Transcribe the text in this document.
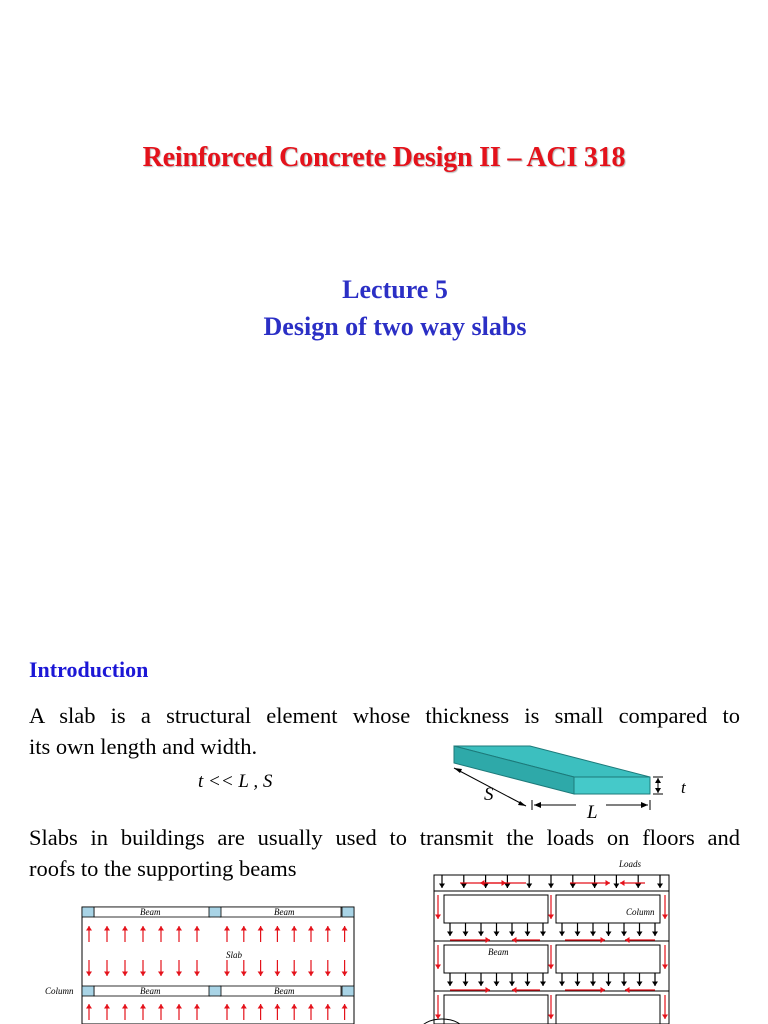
Reinforced Concrete Design II – ACI 318
Lecture 5
Design of two way slabs
Introduction
A slab is a structural element whose thickness is small compared to
its own length and width.
t << L , S
Slabs in buildings are usually used to transmit the loads on floors and
roofs to the supporting beams
S
L
t
Beam	Beam
Beam	Beam
Slab
Column
Loads
Column
Beam
